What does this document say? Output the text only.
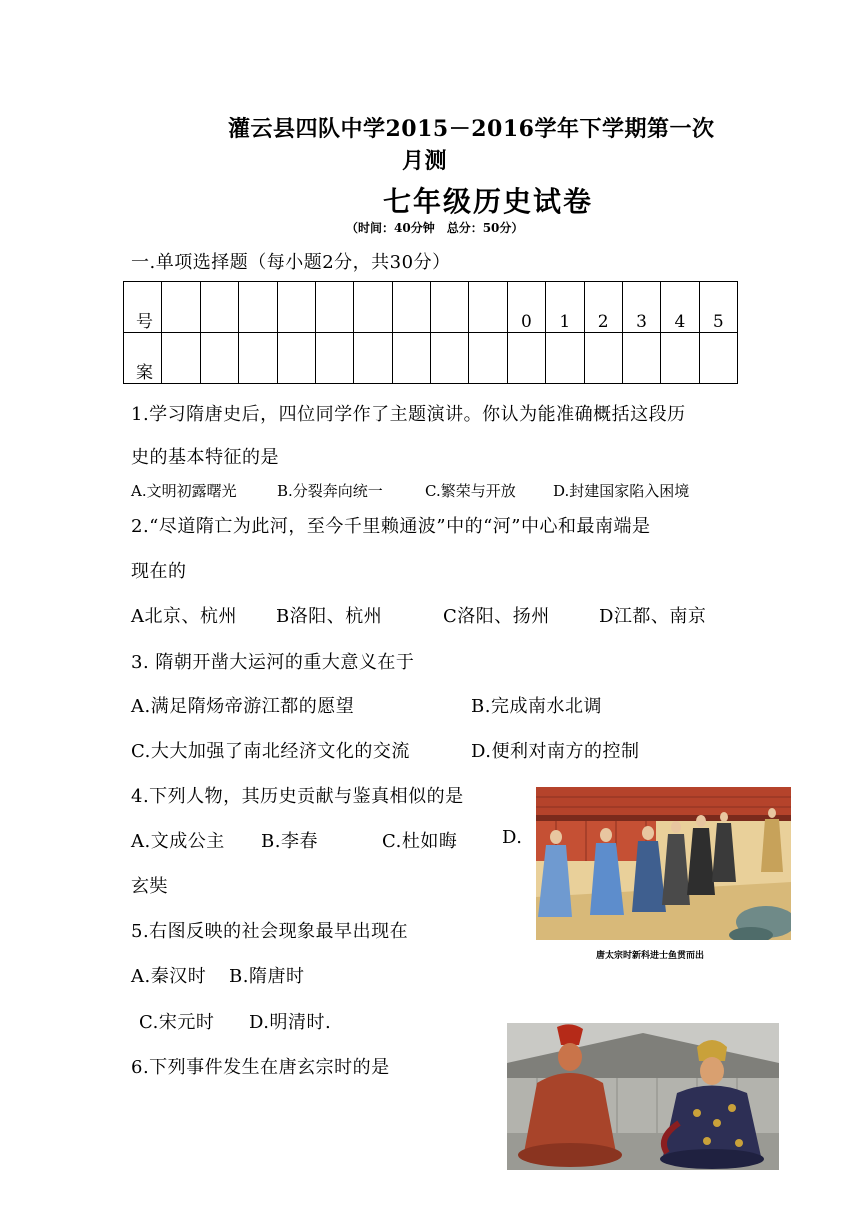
灌云县四队中学2015－2016学年下学期第一次
月测
七年级历史试卷
（时间：40分钟　总分：50分）
一.单项选择题（每小题2分，共30分）
号										0	1	2	3	4	5
案															
1.学习隋唐史后，四位同学作了主题演讲。你认为能准确概括这段历
史的基本特征的是
A.文明初露曙光	B.分裂奔向统一	C.繁荣与开放 D.封建国家陷入困境
2.“尽道隋亡为此河，至今千里赖通波”中的“河”中心和最南端是
现在的
A北京、杭州 B洛阳、杭州	C洛阳、扬州	D江都、南京
3. 隋朝开凿大运河的重大意义在于
A.满足隋炀帝游江都的愿望	B.完成南水北调
C.大大加强了南北经济文化的交流	D.便利对南方的控制
4.下列人物，其历史贡献与鉴真相似的是
A.文成公主 B.李春	C.杜如晦 D.
玄奘
5.右图反映的社会现象最早出现在
A.秦汉时 B.隋唐时
C.宋元时 D.明清时.
6.下列事件发生在唐玄宗时的是
唐太宗时新科进士鱼贯而出
